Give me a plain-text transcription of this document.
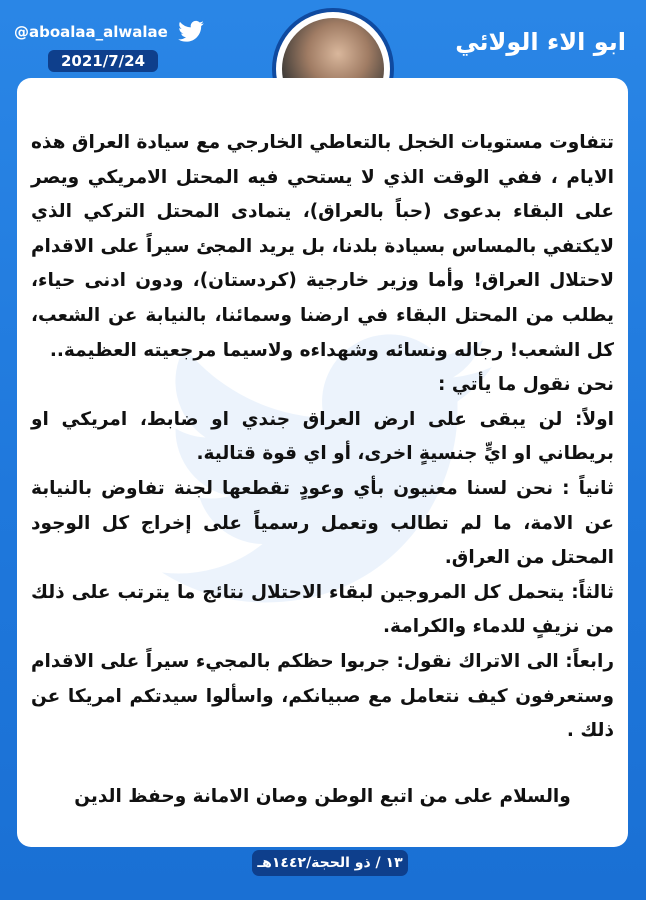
@aboalaa_alwalae
2021/7/24
ابو الاء الولائي

تتفاوت مستويات الخجل بالتعاطي الخارجي مع سيادة العراق هذه الايام ، ففي الوقت الذي لا يستحي فيه المحتل الامريكي ويصر على البقاء بدعوى (حباً بالعراق)، يتمادى المحتل التركي الذي لايكتفي بالمساس بسيادة بلدنا، بل يريد المجئ سيراً على الاقدام لاحتلال العراق! وأما وزير خارجية (كردستان)، ودون ادنى حياء، يطلب من المحتل البقاء في ارضنا وسمائنا، بالنيابة عن الشعب، كل الشعب! رجاله ونسائه وشهداءه ولاسيما مرجعيته العظيمة..

نحن نقول ما يأتي :

اولاً: لن يبقى على ارض العراق جندي او ضابط، امريكي او بريطاني او ايٍّ جنسيةٍ اخرى، أو اي قوة قتالية.

ثانياً : نحن لسنا معنيون بأي وعودٍ تقطعها لجنة تفاوض بالنيابة عن الامة، ما لم تطالب وتعمل رسمياً على إخراج كل الوجود المحتل من العراق.

ثالثاً: يتحمل كل المروجين لبقاء الاحتلال نتائج ما يترتب على ذلك من نزيفٍ للدماء والكرامة.

رابعاً: الى الاتراك نقول: جربوا حظكم بالمجيء سيراً على الاقدام وستعرفون كيف نتعامل مع صبيانكم، واسألوا سيدتكم امريكا عن ذلك .

والسلام على من اتبع الوطن وصان الامانة وحفظ الدين
١٣ / ذو الحجة/١٤٤٢هـ
